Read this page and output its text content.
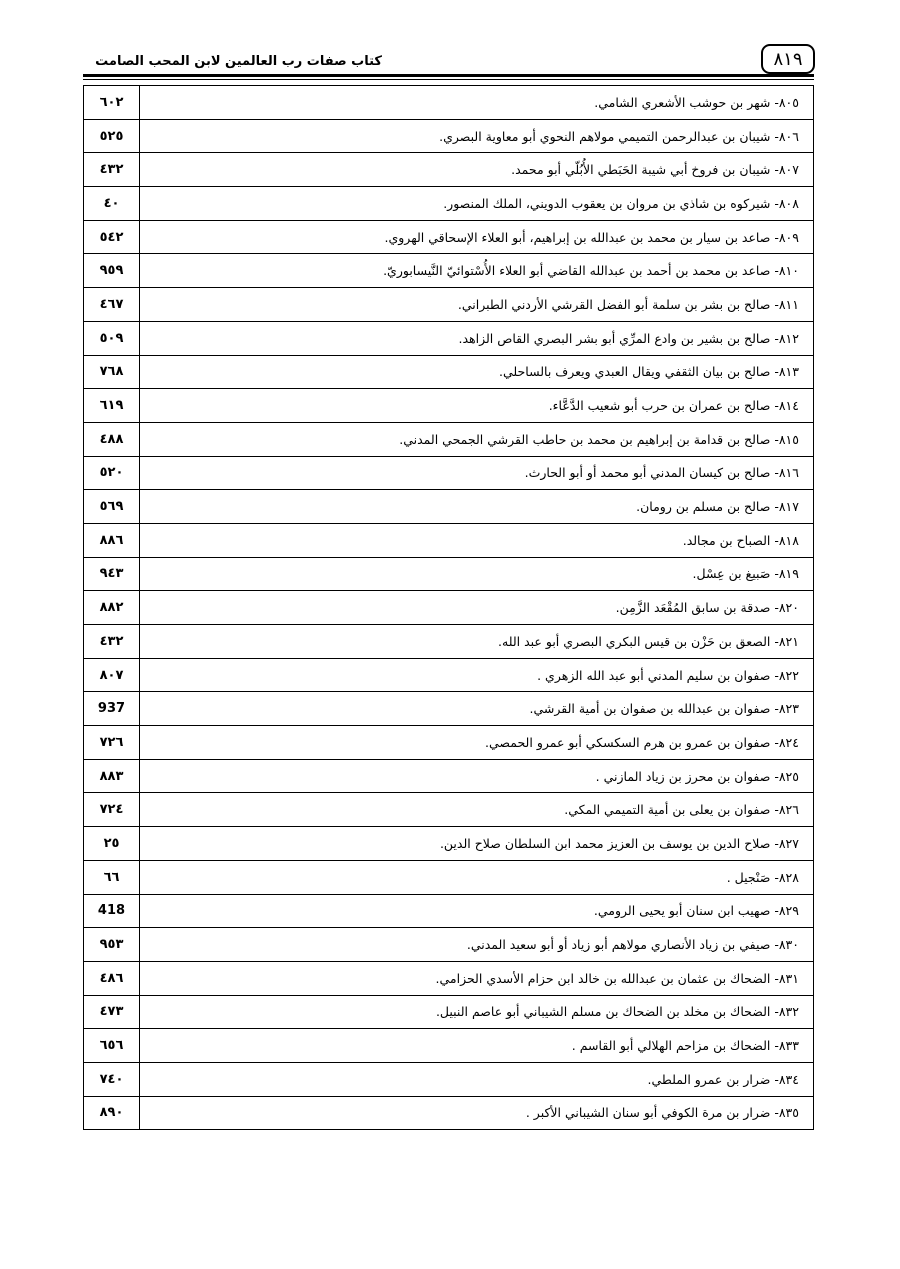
٨١٩
كتاب صفات رب العالمين لابن المحب الصامت
٦٠٢	٨٠٥- شهر بن حوشب الأشعري الشامي.
٥٢٥	٨٠٦- شيبان بن عبدالرحمن التميمي مولاهم النحوي أبو معاوية البصري.
٤٣٢	٨٠٧- شيبان بن فروخ أبي شيبة الحَبَطي الأُبُلّي أبو محمد.
٤٠	٨٠٨- شيركوه بن شاذي بن مروان بن يعقوب الدويني، الملك المنصور.
٥٤٢	٨٠٩- صاعد بن سيار بن محمد بن عبدالله بن إبراهيم، أبو العلاء الإسحاقي الهروي.
٩٥٩	٨١٠- صاعد بن محمد بن أحمد بن عبدالله القاضي أبو العلاء الأُسْتوائيّ النَّيسابوريّ.
٤٦٧	٨١١- صالح بن بشر بن سلمة أبو الفضل القرشي الأردني الطبراني.
٥٠٩	٨١٢- صالح بن بشير بن وادع المرِّي أبو بشر البصري القاص الزاهد.
٧٦٨	٨١٣- صالح بن بيان الثقفي ويقال العبدي ويعرف بالساحلي.
٦١٩	٨١٤- صالح بن عمران بن حرب أبو شعيب الدَّعَّاء.
٤٨٨	٨١٥- صالح بن قدامة بن إبراهيم بن محمد بن حاطب القرشي الجمحي المدني.
٥٢٠	٨١٦- صالح بن كيسان المدني أبو محمد أو أبو الحارث.
٥٦٩	٨١٧- صالح بن مسلم بن رومان.
٨٨٦	٨١٨- الصباح بن مجالد.
٩٤٣	٨١٩- صَبيغ بن عِسْل.
٨٨٢	٨٢٠- صدقة بن سابق المُقْعَد الزَّمِن.
٤٣٢	٨٢١- الصعق بن حَزْن بن قيس البكري البصري أبو عبد الله.
٨٠٧	٨٢٢- صفوان بن سليم المدني أبو عبد الله الزهري .
937	٨٢٣- صفوان بن عبدالله بن صفوان بن أمية القرشي.
٧٢٦	٨٢٤- صفوان بن عمرو بن هرم السكسكي أبو عمرو الحمصي.
٨٨٣	٨٢٥- صفوان بن محرز بن زياد المازني .
٧٢٤	٨٢٦- صفوان بن يعلى بن أمية التميمي المكي.
٢٥	٨٢٧- صلاح الدين بن يوسف بن العزيز محمد ابن السلطان صلاح الدين.
٦٦	٨٢٨- صَنْجيل .
418	٨٢٩- صهيب ابن سنان أبو يحيى الرومي.
٩٥٣	٨٣٠- صيفي بن زياد الأنصاري مولاهم أبو زياد أو أبو سعيد المدني.
٤٨٦	٨٣١- الضحاك بن عثمان بن عبدالله بن خالد ابن حزام الأسدي الحزامي.
٤٧٣	٨٣٢- الضحاك بن مخلد بن الضحاك بن مسلم الشيباني أبو عاصم النبيل.
٦٥٦	٨٣٣- الضحاك بن مزاحم الهلالي أبو القاسم .
٧٤٠	٨٣٤- ضرار بن عمرو الملطي.
٨٩٠	٨٣٥- ضرار بن مرة الكوفي أبو سنان الشيباني الأكبر .
